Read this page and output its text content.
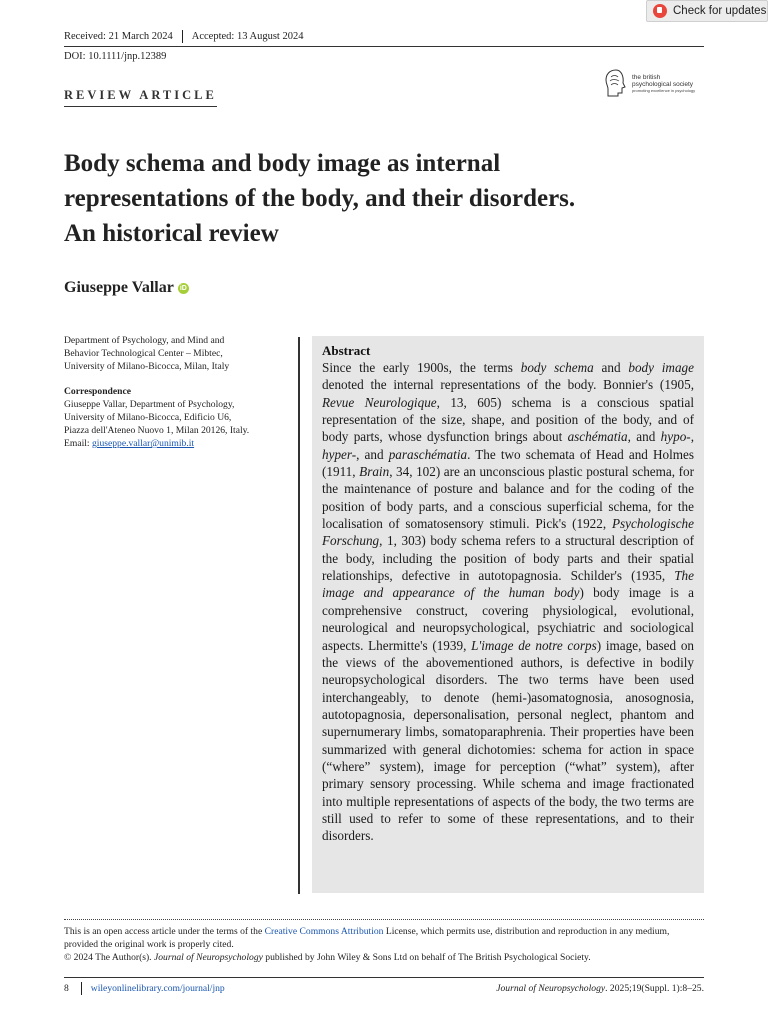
Check for updates
Received: 21 March 2024 Accepted: 13 August 2024
DOI: 10.1111/jnp.12389
REVIEW ARTICLE
the british
psychological society
promoting excellence in psychology
Body schema and body image as internal
representations of the body, and their disorders.
An historical review
Giuseppe Vallar iD

Department of Psychology, and Mind and

Behavior Technological Center – Mibtec,

University of Milano-Bicocca, Milan, Italy

Correspondence

Giuseppe Vallar, Department of Psychology,

University of Milano-Bicocca, Edificio U6,

Piazza dell'Ateneo Nuovo 1, Milan 20126, Italy.

Email: giuseppe.vallar@unimib.it

Abstract
Since the early 1900s, the terms body schema and body image denoted the internal representations of the body. Bonnier's (1905, Revue Neurologique, 13, 605) schema is a conscious spatial representation of the size, shape, and position of the body, and of body parts, whose dysfunction brings about aschématia, and hypo-, hyper-, and paraschématia. The two schemata of Head and Holmes (1911, Brain, 34, 102) are an unconscious plastic postural schema, for the maintenance of posture and balance and for the coding of the position of body parts, and a conscious superficial schema, for the localisation of somatosensory stimuli. Pick's (1922, Psychologische Forschung, 1, 303) body schema refers to a structural description of the body, including the position of body parts and their spatial relationships, defective in autotopagnosia. Schilder's (1935, The image and appearance of the human body) body image is a comprehensive construct, covering physiological, evolutional, neurological and neuropsychological, psychiatric and sociological aspects. Lhermitte's (1939, L'image de notre corps) image, based on the views of the abovementioned authors, is defective in bodily neuropsychological disorders. The two terms have been used interchangeably, to denote (hemi-)asomatognosia, anosognosia, autotopagnosia, depersonalisation, personal neglect, phantom and supernumerary limbs, somatoparaphrenia. Their properties have been summarized with general dichotomies: schema for action in space (“where” system), image for perception (“what” system), after primary sensory processing. While schema and image fractionated into multiple representations of aspects of the body, the two terms are still used to refer to some of these representations, and to their disorders.

This is an open access article under the terms of the Creative Commons Attribution License, which permits use, distribution and reproduction in any medium, provided the original work is properly cited.

© 2024 The Author(s). Journal of Neuropsychology published by John Wiley & Sons Ltd on behalf of The British Psychological Society.

8 wileyonlinelibrary.com/journal/jnp	Journal of Neuropsychology. 2025;19(Suppl. 1):8–25.
